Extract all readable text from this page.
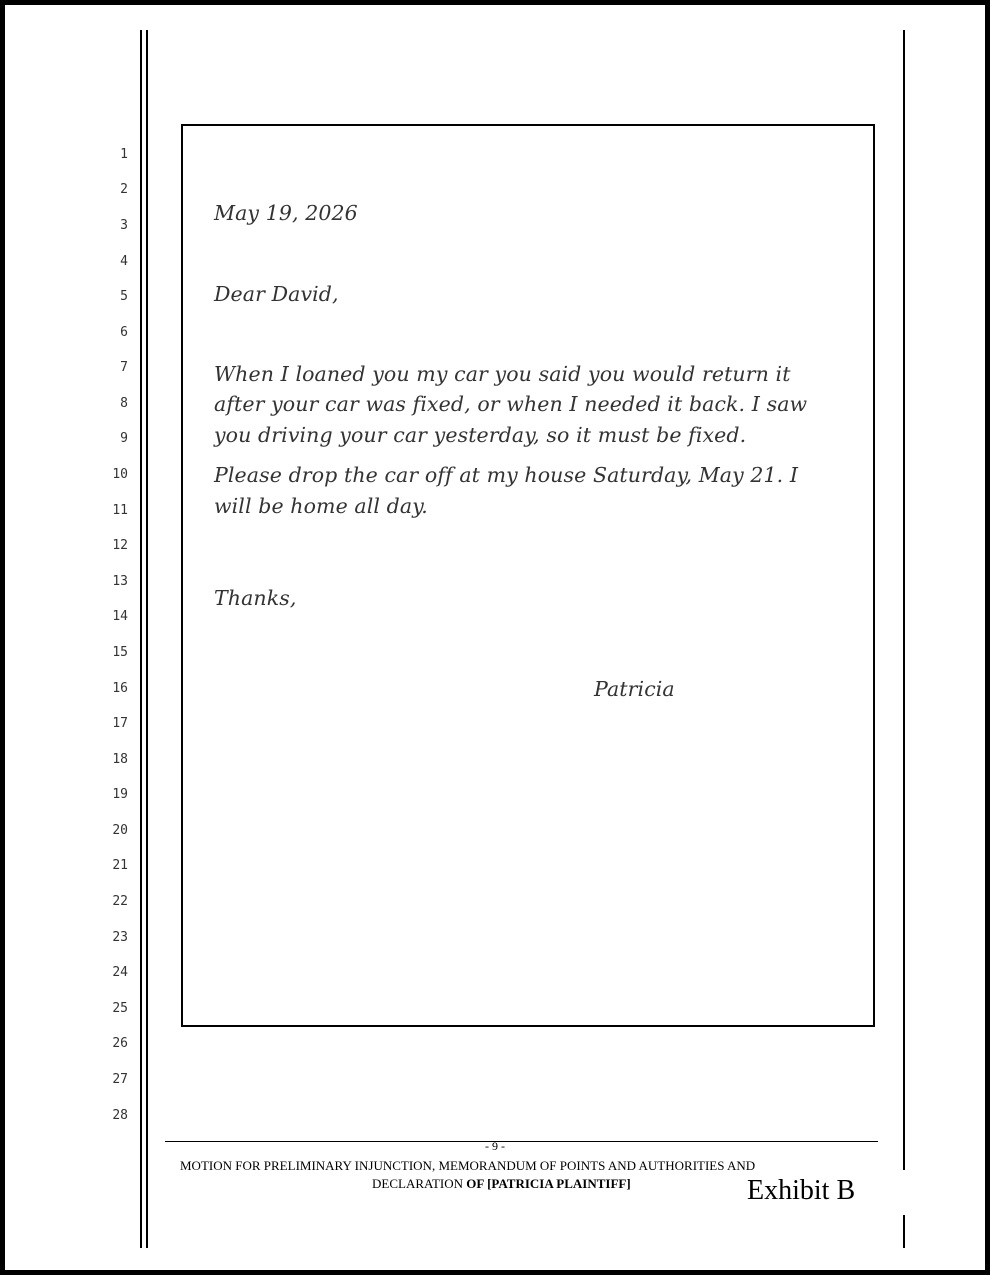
1
2
3
4
5
6
7
8
9
10
11
12
13
14
15
16
17
18
19
20
21
22
23
24
25
26
27
28
May 19, 2026
Dear David,
When I loaned you my car you said you would return it
after your car was fixed, or when I needed it back. I saw
you driving your car yesterday, so it must be fixed.
Please drop the car off at my house Saturday, May 21. I
will be home all day.
Thanks,
Patricia
- 9 -
MOTION FOR PRELIMINARY INJUNCTION, MEMORANDUM OF POINTS AND AUTHORITIES AND
DECLARATION OF [PATRICIA PLAINTIFF]	Exhibit B
